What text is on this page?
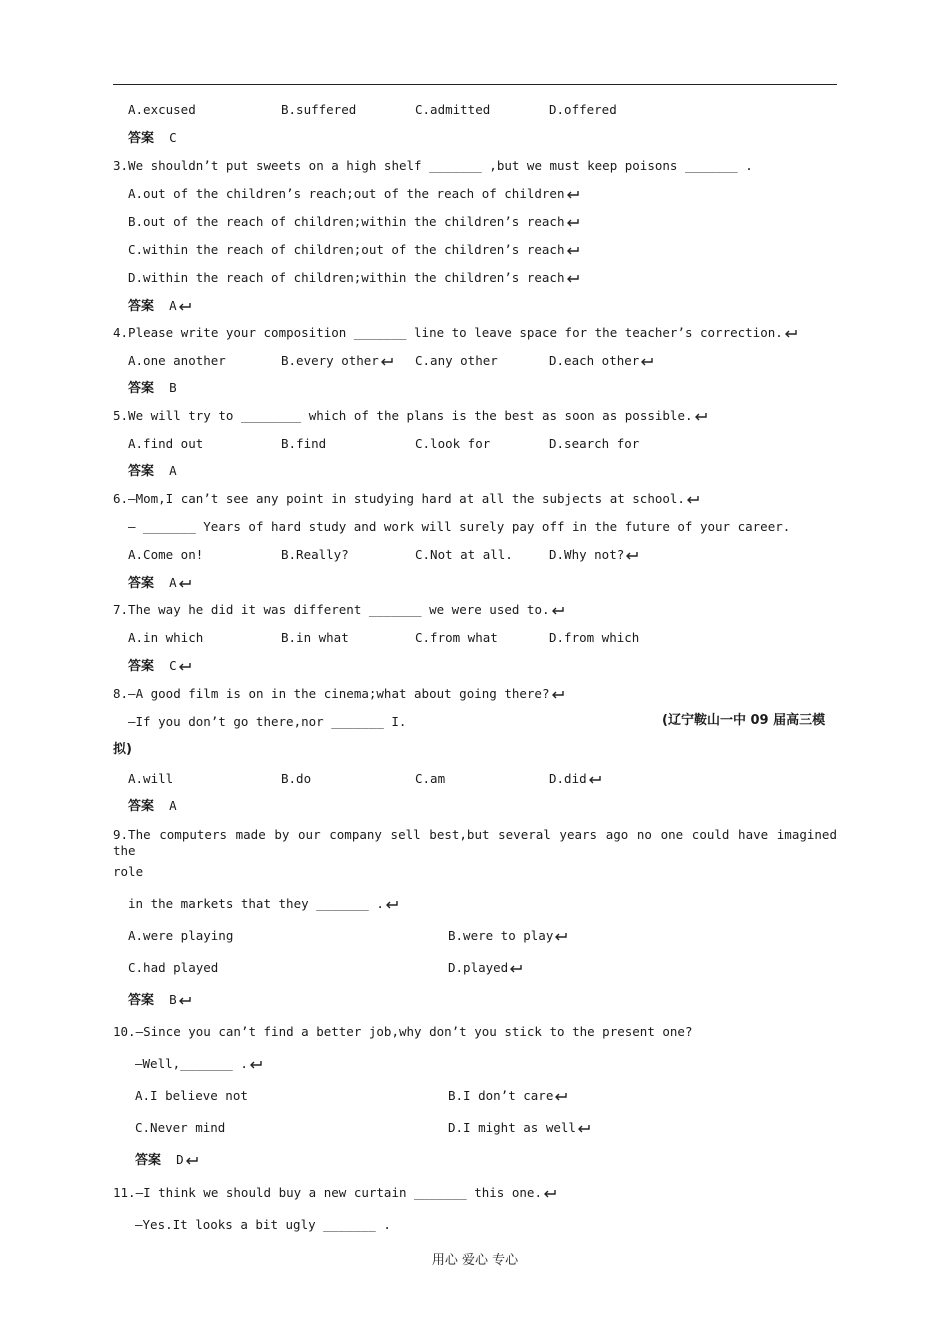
A.excused	B.suffered	C.admitted	D.offered
答案 C
3.We shouldn’t put sweets on a high shelf _______ ,but we must keep poisons _______ .
A.out of the children’s reach;out of the reach of children
B.out of the reach of children;within the children’s reach
C.within the reach of children;out of the children’s reach
D.within the reach of children;within the children’s reach
答案 A
4.Please write your composition _______ line to leave space for the teacher’s correction.
A.one another	B.every other	C.any other	D.each other
答案 B
5.We will try to ________ which of the plans is the best as soon as possible.
A.find out	B.find	C.look for	D.search for
答案 A
6.—Mom,I can’t see any point in studying hard at all the subjects at school.
— _______ Years of hard study and work will surely pay off in the future of your career.
A.Come on!	B.Really?	C.Not at all.	D.Why not?
答案 A
7.The way he did it was different _______ we were used to.
A.in which	B.in what	C.from what	D.from which
答案 C
8.—A good film is on in the cinema;what about going there?
—If you don’t go there,nor _______ I.	(辽宁鞍山一中 09 届高三模
拟)
A.will	B.do	C.am	D.did
答案 A
9.The computers made by our company sell best,but several years ago no one could have imagined the
role
in the markets that they _______ .
A.were playing	B.were to play
C.had played	D.played
答案 B
10.—Since you can’t find a better job,why don’t you stick to the present one?
—Well,_______ .
A.I believe not	B.I don’t care
C.Never mind	D.I might as well
答案 D
11.—I think we should buy a new curtain _______ this one.
—Yes.It looks a bit ugly _______ .
用心 爱心 专心
